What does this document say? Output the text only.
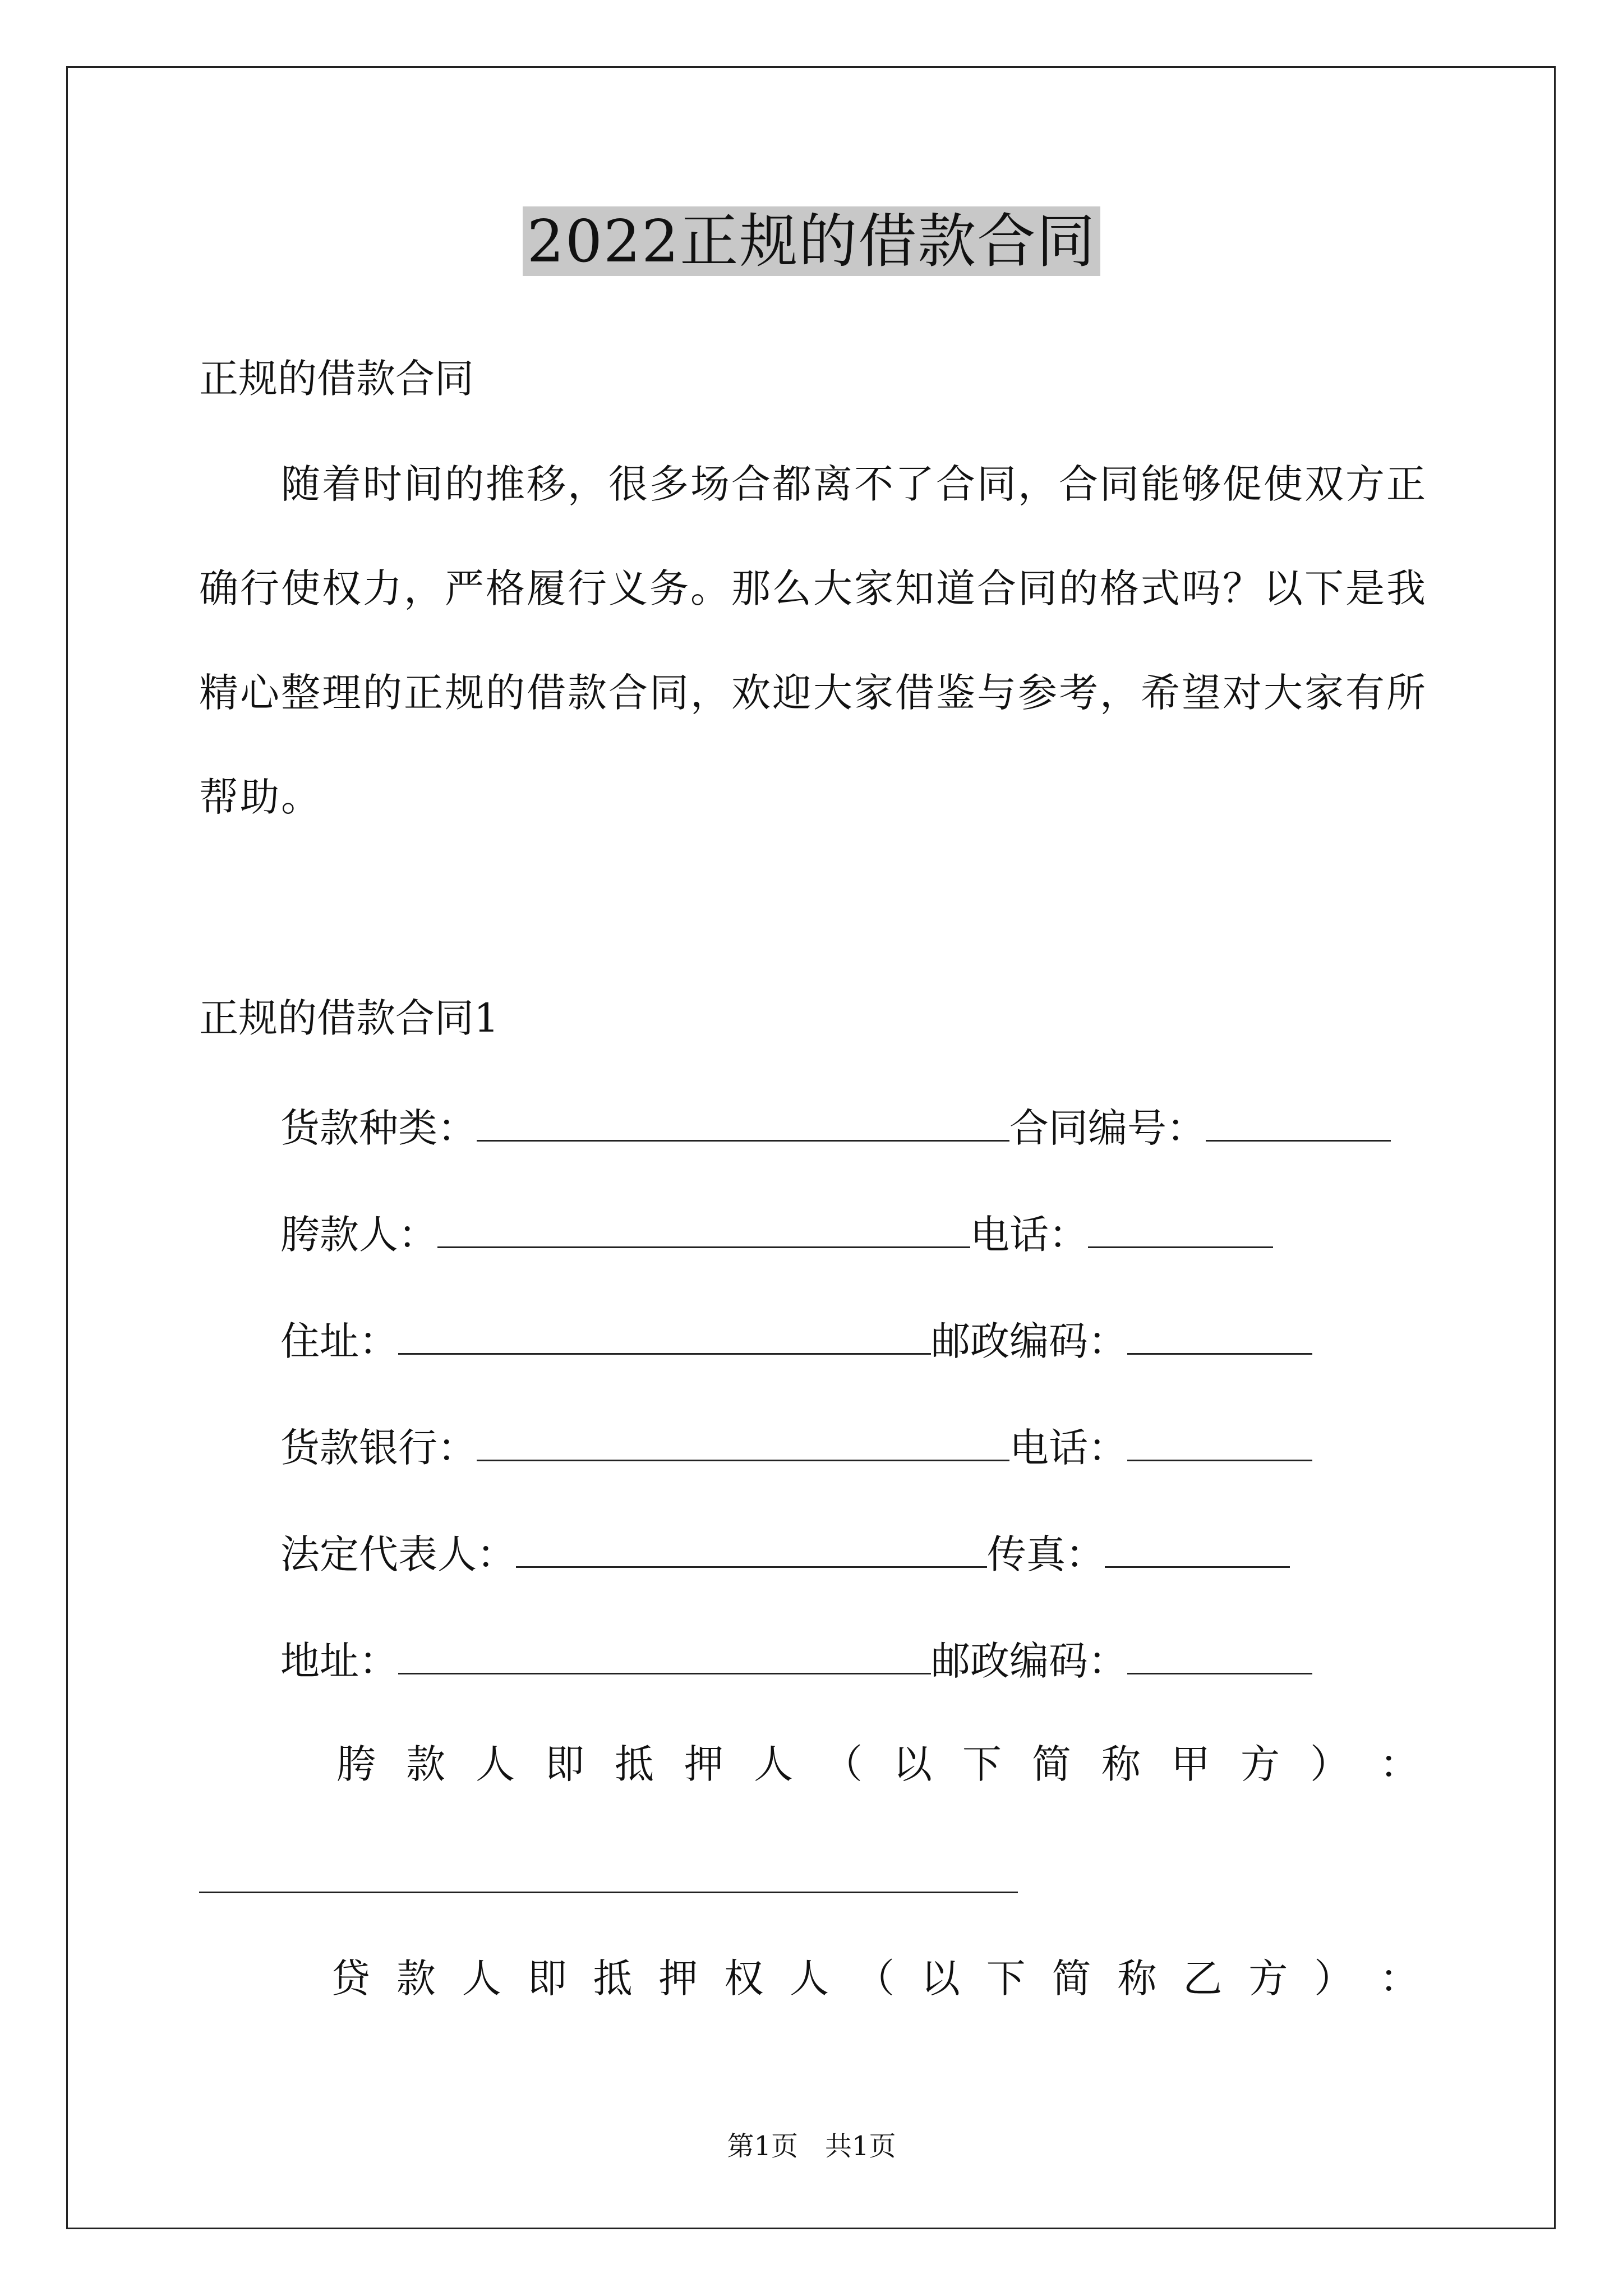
2022正规的借款合同
正规的借款合同
随着时间的推移，很多场合都离不了合同，合同能够促使双方正确行使权力，严格履行义务。那么大家知道合同的格式吗？以下是我精心整理的正规的借款合同，欢迎大家借鉴与参考，希望对大家有所帮助。
正规的借款合同1
货款种类：	合同编号：
胯款人：	电话：
住址：	邮政编码：
货款银行：	电话：
法定代表人：	传真：
地址：	邮政编码：
胯 款 人 即 抵 押 人 （ 以 下 简 称 甲 方 ） ：
贷 款 人 即 抵 押 权 人 （ 以 下 简 称 乙 方 ） ：
第1页　共1页
